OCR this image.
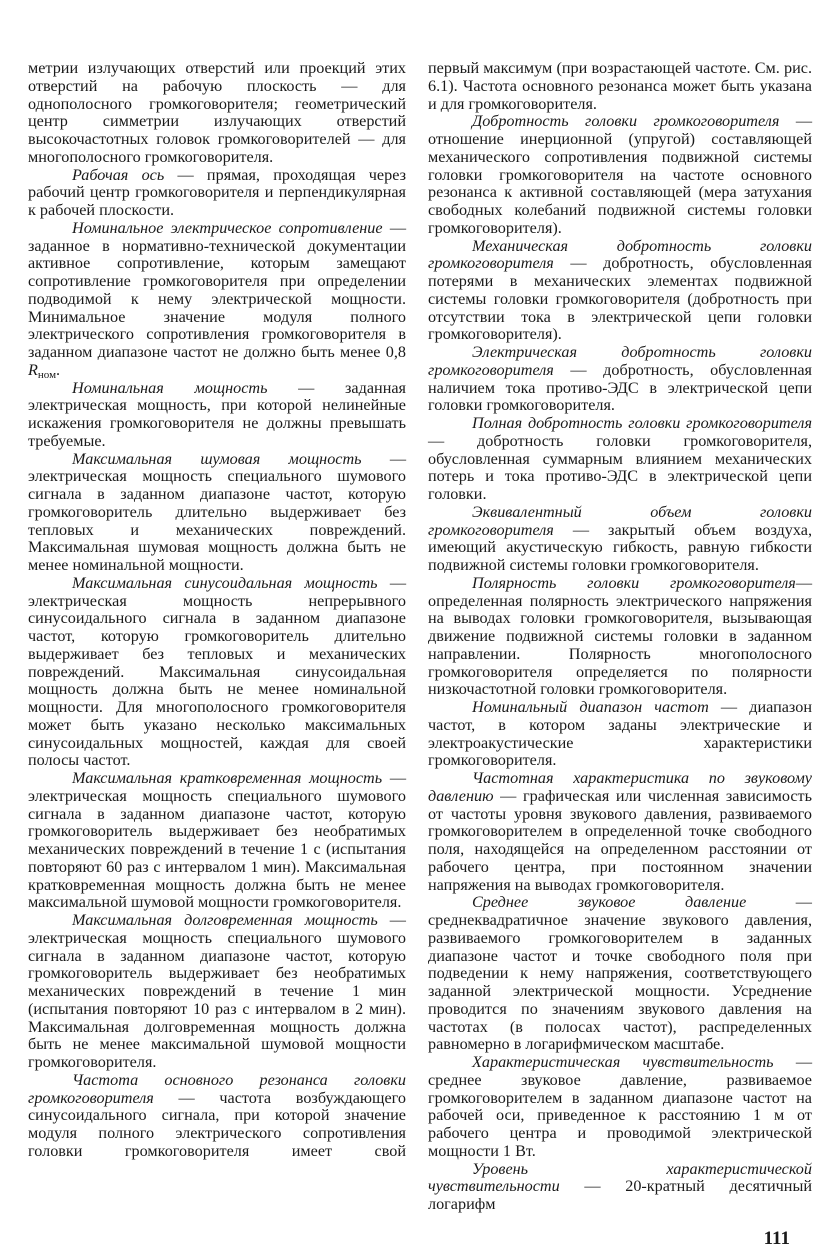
метрии излучающих отверстий или проекций этих отверстий на рабочую плоскость — для однополосного громкоговорителя; геометрический центр симметрии излучающих отверстий высокочастотных головок громкоговорителей — для многополосного громкоговорителя.

Рабочая ось — прямая, проходящая через рабочий центр громкоговорителя и перпендикулярная к рабочей плоскости.

Номинальное электрическое сопротивление — заданное в нормативно-технической документации активное сопротивление, которым замещают сопротивление громкоговорителя при определении подводимой к нему электрической мощности. Минимальное значение модуля полного электрического сопротивления громкоговорителя в заданном диапазоне частот не должно быть менее 0,8 $R_{ном}$.

Номинальная мощность — заданная электрическая мощность, при которой нелинейные искажения громкоговорителя не должны превышать требуемые.

Максимальная шумовая мощность — электрическая мощность специального шумового сигнала в заданном диапазоне частот, которую громкоговоритель длительно выдерживает без тепловых и механических повреждений. Максимальная шумовая мощность должна быть не менее номинальной мощности.

Максимальная синусоидальная мощность — электрическая мощность непрерывного синусоидального сигнала в заданном диапазоне частот, которую громкоговоритель длительно выдерживает без тепловых и механических повреждений. Максимальная синусоидальная мощность должна быть не менее номинальной мощности. Для многополосного громкоговорителя может быть указано несколько максимальных синусоидальных мощностей, каждая для своей полосы частот.

Максимальная кратковременная мощность — электрическая мощность специального шумового сигнала в заданном диапазоне частот, которую громкоговоритель выдерживает без необратимых механических повреждений в течение 1 с (испытания повторяют 60 раз с интервалом 1 мин). Максимальная кратковременная мощность должна быть не менее максимальной шумовой мощности громкоговорителя.

Максимальная долговременная мощность — электрическая мощность специального шумового сигнала в заданном диапазоне частот, которую громкоговоритель выдерживает без необратимых механических повреждений в течение 1 мин (испытания повторяют 10 раз с интервалом в 2 мин). Максимальная долговременная мощность должна быть не менее максимальной шумовой мощности громкоговорителя.

Частота основного резонанса головки громкоговорителя — частота возбуждающего синусоидального сигнала, при которой значение модуля полного электрического сопротивления головки громкоговорителя имеет свой

первый максимум (при возрастающей частоте. См. рис. 6.1). Частота основного резонанса может быть указана и для громкоговорителя.

Добротность головки громкоговорителя — отношение инерционной (упругой) составляющей механического сопротивления подвижной системы головки громкоговорителя на частоте основного резонанса к активной составляющей (мера затухания свободных колебаний подвижной системы головки громкоговорителя).

Механическая добротность головки громкоговорителя — добротность, обусловленная потерями в механических элементах подвижной системы головки громкоговорителя (добротность при отсутствии тока в электрической цепи головки громкоговорителя).

Электрическая добротность головки громкоговорителя — добротность, обусловленная наличием тока противо-ЭДС в электрической цепи головки громкоговорителя.

Полная добротность головки громкоговорителя — добротность головки громкоговорителя, обусловленная суммарным влиянием механических потерь и тока противо-ЭДС в электрической цепи головки.

Эквивалентный объем головки громкоговорителя — закрытый объем воздуха, имеющий акустическую гибкость, равную гибкости подвижной системы головки громкоговорителя.

Полярность головки громкоговорителя—определенная полярность электрического напряжения на выводах головки громкоговорителя, вызывающая движение подвижной системы головки в заданном направлении. Полярность многополосного громкоговорителя определяется по полярности низкочастотной головки громкоговорителя.

Номинальный диапазон частот — диапазон частот, в котором заданы электрические и электроакустические характеристики громкоговорителя.

Частотная характеристика по звуковому давлению — графическая или численная зависимость от частоты уровня звукового давления, развиваемого громкоговорителем в определенной точке свободного поля, находящейся на определенном расстоянии от рабочего центра, при постоянном значении напряжения на выводах громкоговорителя.

Среднее звуковое давление — среднеквадратичное значение звукового давления, развиваемого громкоговорителем в заданных диапазоне частот и точке свободного поля при подведении к нему напряжения, соответствующего заданной электрической мощности. Усреднение проводится по значениям звукового давления на частотах (в полосах частот), распределенных равномерно в логарифмическом масштабе.

Характеристическая чувствительность — среднее звуковое давление, развиваемое громкоговорителем в заданном диапазоне частот на рабочей оси, приведенное к расстоянию 1 м от рабочего центра и проводимой электрической мощности 1 Вт.

Уровень характеристической чувствительности — 20-кратный десятичный логарифм

111
